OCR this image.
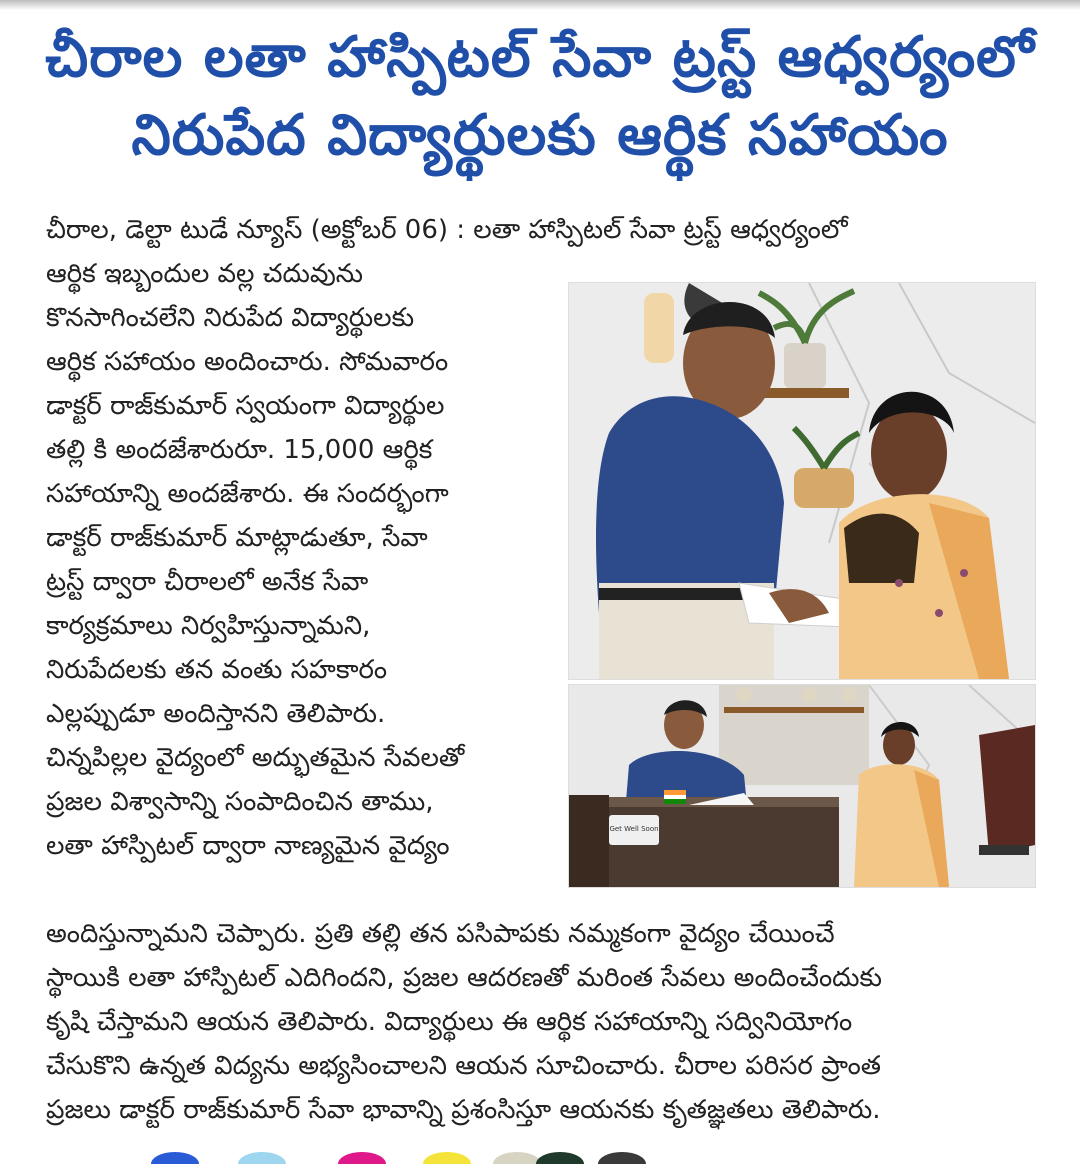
చీరాల లతా హాస్పిటల్ సేవా ట్రస్ట్ ఆధ్వర్యంలో
నిరుపేద విద్యార్థులకు ఆర్థిక సహాయం
చీరాల, డెల్టా టుడే న్యూస్ (అక్టోబర్ 06) : లతా హాస్పిటల్ సేవా ట్రస్ట్ ఆధ్వర్యంలో
ఆర్థిక ఇబ్బందుల వల్ల చదువును
కొనసాగించలేని నిరుపేద విద్యార్థులకు
ఆర్థిక సహాయం అందించారు. సోమవారం
డాక్టర్ రాజ్‌కుమార్ స్వయంగా విద్యార్థుల
తల్లి కి అందజేశారురూ. 15,000 ఆర్థిక
సహాయాన్ని అందజేశారు. ఈ సందర్భంగా
డాక్టర్ రాజ్‌కుమార్ మాట్లాడుతూ, సేవా
ట్రస్ట్ ద్వారా చీరాలలో అనేక సేవా
కార్యక్రమాలు నిర్వహిస్తున్నామని,
నిరుపేదలకు తన వంతు సహకారం
ఎల్లప్పుడూ అందిస్తానని తెలిపారు.
చిన్నపిల్లల వైద్యంలో అద్భుతమైన సేవలతో
ప్రజల విశ్వాసాన్ని సంపాదించిన తాము,
లతా హాస్పిటల్ ద్వారా నాణ్యమైన వైద్యం
Get Well Soon
అందిస్తున్నామని చెప్పారు. ప్రతి తల్లి తన పసిపాపకు నమ్మకంగా వైద్యం చేయించే
స్థాయికి లతా హాస్పిటల్ ఎదిగిందని, ప్రజల ఆదరణతో మరింత సేవలు అందించేందుకు
కృషి చేస్తామని ఆయన తెలిపారు. విద్యార్థులు ఈ ఆర్థిక సహాయాన్ని సద్వినియోగం
చేసుకొని ఉన్నత విద్యను అభ్యసించాలని ఆయన సూచించారు. చీరాల పరిసర ప్రాంత
ప్రజలు డాక్టర్ రాజ్‌కుమార్ సేవా భావాన్ని ప్రశంసిస్తూ ఆయనకు కృతజ్ఞతలు తెలిపారు.
